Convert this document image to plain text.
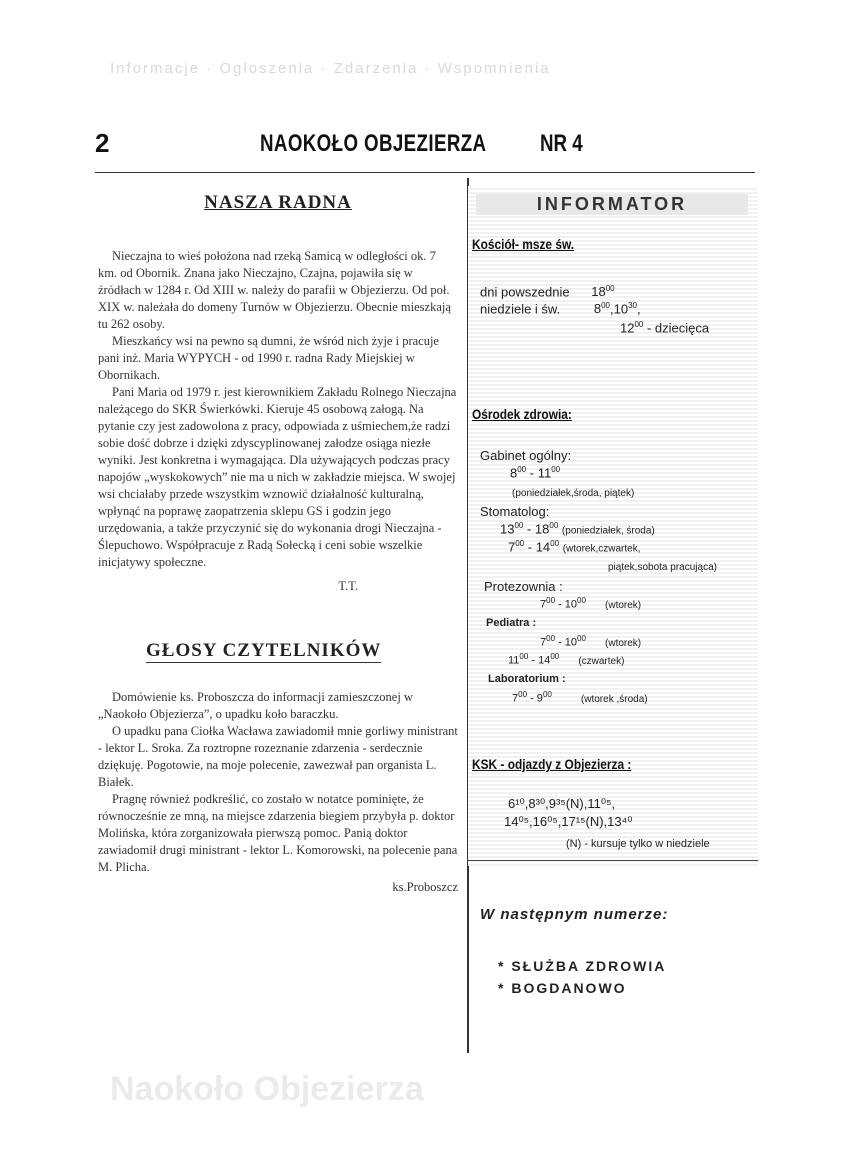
Informacje · Ogłoszenia · Zdarzenia · Wspomnienia
Naokoło Objezierza
2	NAOKOŁO OBJEZIERZA NR 4
NASZA RADNA

Nieczajna to wieś położona nad rzeką Samicą w odległości ok. 7 km. od Obornik. Znana jako Nieczajno, Czajna, pojawiła się w źródłach w 1284 r. Od XIII w. należy do parafii w Objezierzu. Od poł. XIX w. należała do domeny Turnów w Objezierzu. Obecnie mieszkają tu 262 osoby.

Mieszkańcy wsi na pewno są dumni, że wśród nich żyje i pracuje pani inż. Maria WYPYCH - od 1990 r. radna Rady Miejskiej w Obornikach.

Pani Maria od 1979 r. jest kierownikiem Zakładu Rolnego Nieczajna należącego do SKR Świerkówki. Kieruje 45 osobową załogą. Na pytanie czy jest zadowolona z pracy, odpowiada z uśmiechem,że radzi sobie dość dobrze i dzięki zdyscyplinowanej załodze osiąga niezłe wyniki. Jest konkretna i wymagająca. Dla używających podczas pracy napojów „wyskokowych” nie ma u nich w zakładzie miejsca. W swojej wsi chciałaby przede wszystkim wznowić działalność kulturalną, wpłynąć na poprawę zaopatrzenia sklepu GS i godzin jego urzędowania, a także przyczynić się do wykonania drogi Nieczajna - Ślepuchowo. Współpracuje z Radą Sołecką i ceni sobie wszelkie inicjatywy społeczne.

T.T.
GŁOSY CZYTELNIKÓW

Domówienie ks. Proboszcza do informacji zamieszczonej w „Naokoło Objezierza”, o upadku koło baraczku.

O upadku pana Ciołka Wacława zawiadomił mnie gorliwy ministrant - lektor L. Sroka. Za roztropne rozeznanie zdarzenia - serdecznie dziękuję. Pogotowie, na moje polecenie, zawezwał pan organista L. Białek.

Pragnę również podkreślić, co zostało w notatce pominięte, że równocześnie ze mną, na miejsce zdarzenia biegiem przybyła p. doktor Molińska, która zorganizowała pierwszą pomoc. Panią doktor zawiadomił drugi ministrant - lektor L. Komorowski, na polecenie pana M. Plicha.

ks.Proboszcz
INFORMATOR
Kościół- msze św.
dni powszednie $18^{00}$
niedziele i św.	$8^{00},10^{30}$,
$12^{00}$ - dziecięca
Ośrodek zdrowia:
Gabinet ogólny:
$8^{00} - 11^{00}$
(poniedziałek,środa, piątek)
Stomatolog:
$13^{00} - 18^{00}$ (poniedziałek, środa)
$7^{00} - 14^{00}$ (wtorek,czwartek,
piątek,sobota pracująca)
Protezownia :
$7^{00} - 10^{00}$ (wtorek)
Pediatra :
$7^{00} - 10^{00}$ (wtorek)
$11^{00} - 14^{00}$ (czwartek)
Laboratorium :
$7^{00} - 9^{00}$	(wtorek ,środa)
KSK - odjazdy z Objezierza :
6¹⁰,8³⁰,9³⁵(N),11⁰⁵,
14⁰⁵,16⁰⁵,17¹⁵(N),13⁴⁰
(N) - kursuje tylko w niedziele
W następnym numerze:
* SŁUŻBA ZDROWIA
* BOGDANOWO
